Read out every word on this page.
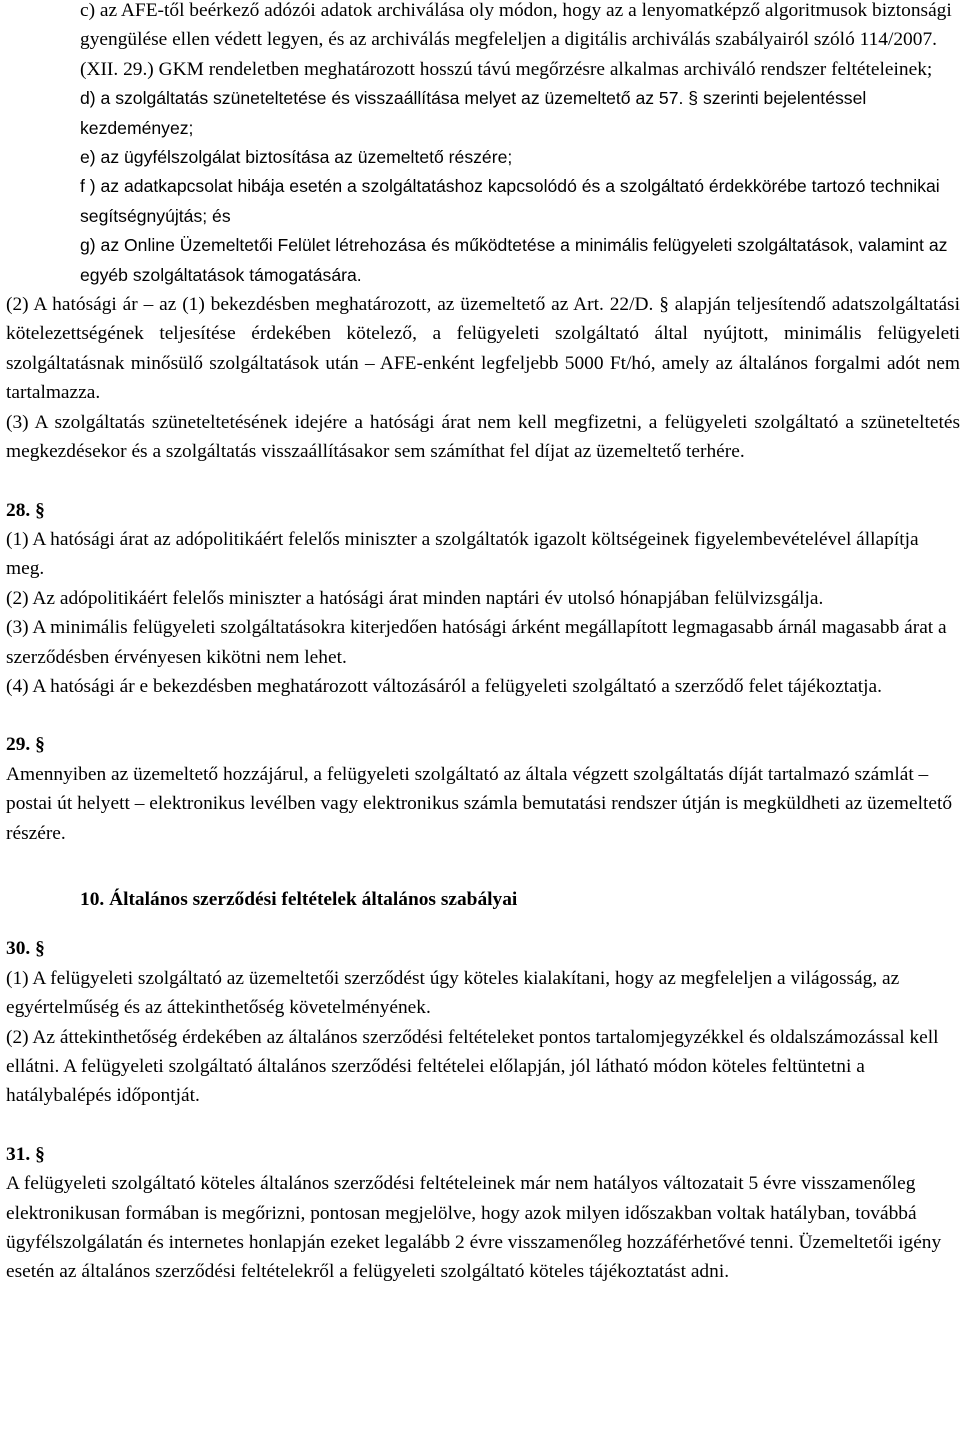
c) az AFE-től beérkező adózói adatok archiválása oly módon, hogy az a lenyomatképző algoritmusok biztonsági gyengülése ellen védett legyen, és az archiválás megfeleljen a digitális archiválás szabályairól szóló 114/2007. (XII. 29.) GKM rendeletben meghatározott hosszú távú megőrzésre alkalmas archiváló rendszer feltételeinek;

d) a szolgáltatás szüneteltetése és visszaállítása melyet az üzemeltető az 57. § szerinti bejelentéssel kezdeményez;

e) az ügyfélszolgálat biztosítása az üzemeltető részére;

f ) az adatkapcsolat hibája esetén a szolgáltatáshoz kapcsolódó és a szolgáltató érdekkörébe tartozó technikai segítségnyújtás; és

g) az Online Üzemeltetői Felület létrehozása és működtetése a minimális felügyeleti szolgáltatások, valamint az egyéb szolgáltatások támogatására.

(2) A hatósági ár – az (1) bekezdésben meghatározott, az üzemeltető az Art. 22/D. § alapján teljesítendő adatszolgáltatási kötelezettségének teljesítése érdekében kötelező, a felügyeleti szolgáltató által nyújtott, minimális felügyeleti szolgáltatásnak minősülő szolgáltatások után – AFE-enként legfeljebb 5000 Ft/hó, amely az általános forgalmi adót nem tartalmazza.

(3) A szolgáltatás szüneteltetésének idejére a hatósági árat nem kell megfizetni, a felügyeleti szolgáltató a szüneteltetés megkezdésekor és a szolgáltatás visszaállításakor sem számíthat fel díjat az üzemeltető terhére.

28. §

(1) A hatósági árat az adópolitikáért felelős miniszter a szolgáltatók igazolt költségeinek figyelembevételével állapítja meg.

(2) Az adópolitikáért felelős miniszter a hatósági árat minden naptári év utolsó hónapjában felülvizsgálja.

(3) A minimális felügyeleti szolgáltatásokra kiterjedően hatósági árként megállapított legmagasabb árnál magasabb árat a szerződésben érvényesen kikötni nem lehet.

(4) A hatósági ár e bekezdésben meghatározott változásáról a felügyeleti szolgáltató a szerződő felet tájékoztatja.

29. §

Amennyiben az üzemeltető hozzájárul, a felügyeleti szolgáltató az általa végzett szolgáltatás díját tartalmazó számlát – postai út helyett – elektronikus levélben vagy elektronikus számla bemutatási rendszer útján is megküldheti az üzemeltető részére.

10. Általános szerződési feltételek általános szabályai

30. §

(1) A felügyeleti szolgáltató az üzemeltetői szerződést úgy köteles kialakítani, hogy az megfeleljen a világosság, az egyértelműség és az áttekinthetőség követelményének.

(2) Az áttekinthetőség érdekében az általános szerződési feltételeket pontos tartalomjegyzékkel és oldalszámozással kell ellátni. A felügyeleti szolgáltató általános szerződési feltételei előlapján, jól látható módon köteles feltüntetni a hatálybalépés időpontját.

31. §

A felügyeleti szolgáltató köteles általános szerződési feltételeinek már nem hatályos változatait 5 évre visszamenőleg elektronikusan formában is megőrizni, pontosan megjelölve, hogy azok milyen időszakban voltak hatályban, továbbá ügyfélszolgálatán és internetes honlapján ezeket legalább 2 évre visszamenőleg hozzáférhetővé tenni. Üzemeltetői igény esetén az általános szerződési feltételekről a felügyeleti szolgáltató köteles tájékoztatást adni.
